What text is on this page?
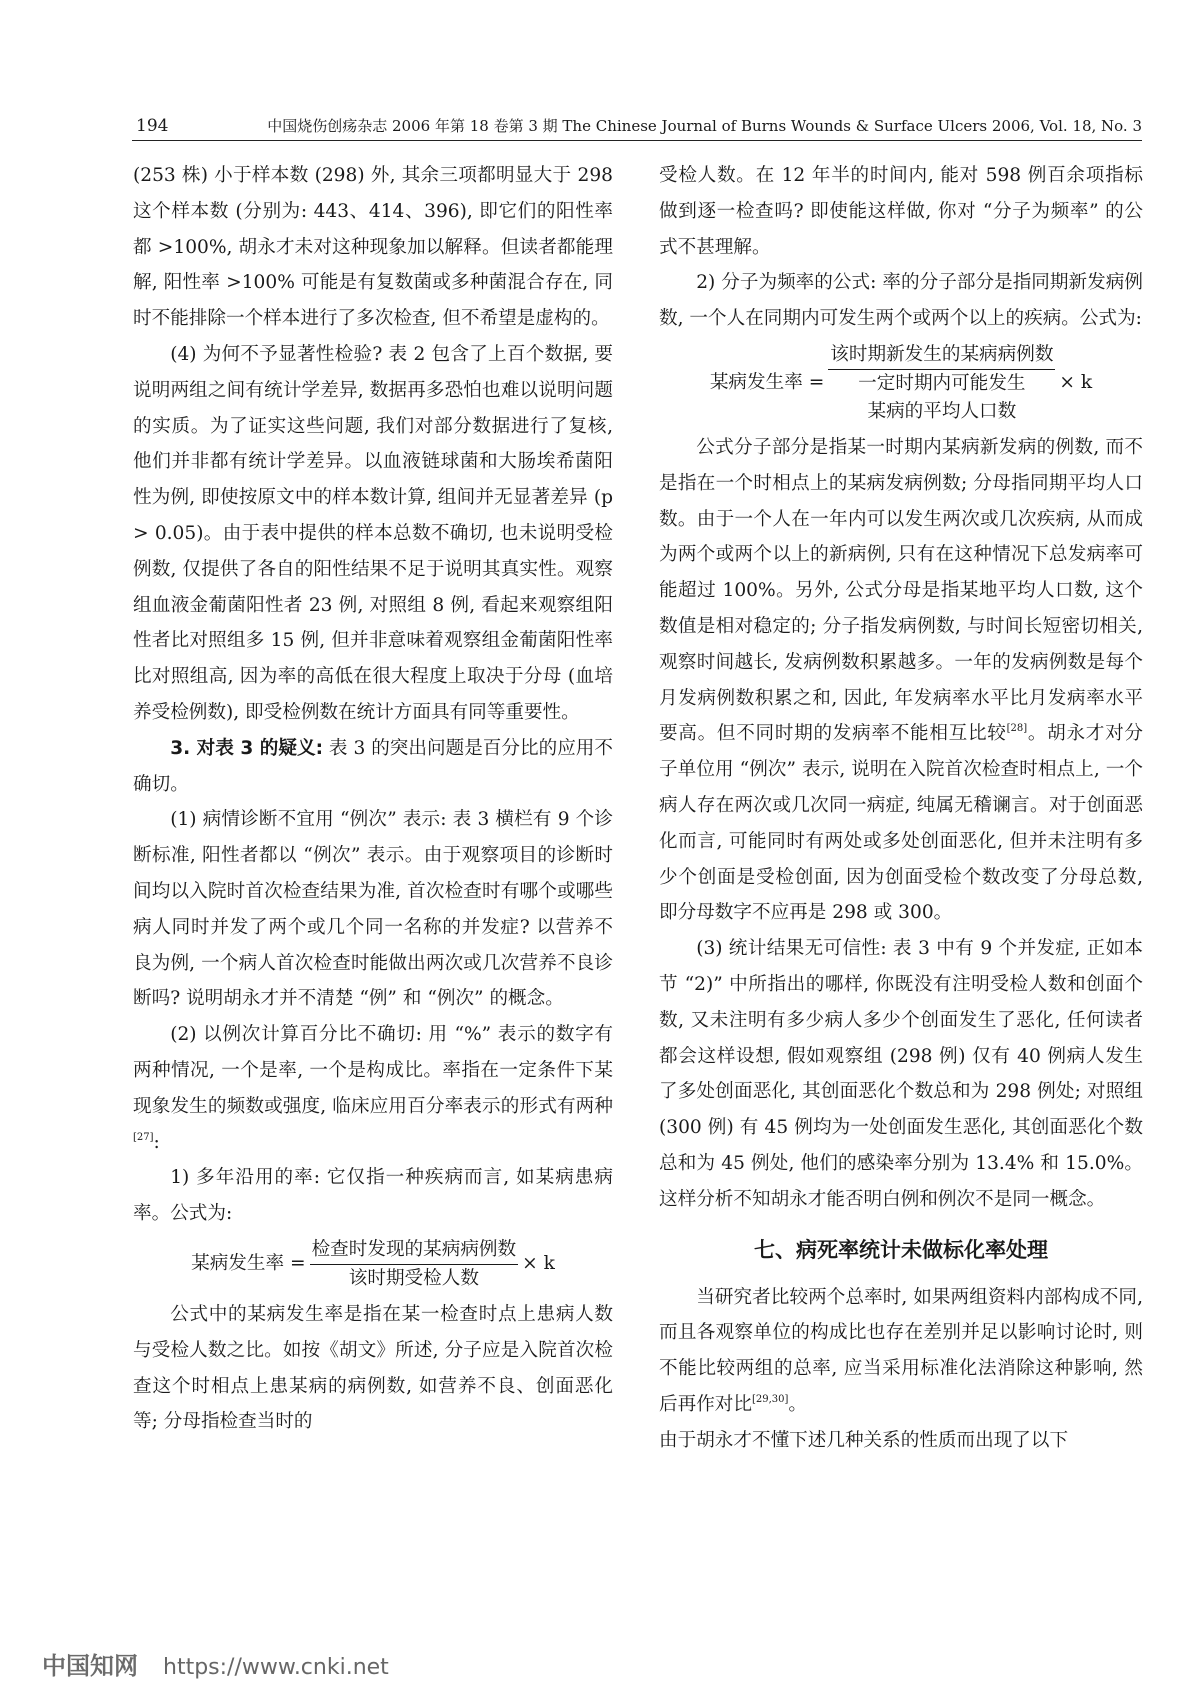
194	中国烧伤创疡杂志 2006 年第 18 卷第 3 期 The Chinese Journal of Burns Wounds & Surface Ulcers 2006, Vol. 18, No. 3

(253 株) 小于样本数 (298) 外, 其余三项都明显大于 298 这个样本数 (分别为: 443、414、396), 即它们的阳性率都 >100%, 胡永才未对这种现象加以解释。但读者都能理解, 阳性率 >100% 可能是有复数菌或多种菌混合存在, 同时不能排除一个样本进行了多次检查, 但不希望是虚构的。

(4) 为何不予显著性检验? 表 2 包含了上百个数据, 要说明两组之间有统计学差异, 数据再多恐怕也难以说明问题的实质。为了证实这些问题, 我们对部分数据进行了复核, 他们并非都有统计学差异。以血液链球菌和大肠埃希菌阳性为例, 即使按原文中的样本数计算, 组间并无显著差异 (p > 0.05)。由于表中提供的样本总数不确切, 也未说明受检例数, 仅提供了各自的阳性结果不足于说明其真实性。观察组血液金葡菌阳性者 23 例, 对照组 8 例, 看起来观察组阳性者比对照组多 15 例, 但并非意味着观察组金葡菌阳性率比对照组高, 因为率的高低在很大程度上取决于分母 (血培养受检例数), 即受检例数在统计方面具有同等重要性。

3. 对表 3 的疑义: 表 3 的突出问题是百分比的应用不确切。

(1) 病情诊断不宜用 “例次” 表示: 表 3 横栏有 9 个诊断标准, 阳性者都以 “例次” 表示。由于观察项目的诊断时间均以入院时首次检查结果为准, 首次检查时有哪个或哪些病人同时并发了两个或几个同一名称的并发症? 以营养不良为例, 一个病人首次检查时能做出两次或几次营养不良诊断吗? 说明胡永才并不清楚 “例” 和 “例次” 的概念。

(2) 以例次计算百分比不确切: 用 “%” 表示的数字有两种情况, 一个是率, 一个是构成比。率指在一定条件下某现象发生的频数或强度, 临床应用百分率表示的形式有两种[27]:

1) 多年沿用的率: 它仅指一种疾病而言, 如某病患病率。公式为:

某病发生率 = $\frac{\text{检查时发现的某病病例数}}{\text{该时期受检人数}} \times k$

公式中的某病发生率是指在某一检查时点上患病人数与受检人数之比。如按《胡文》所述, 分子应是入院首次检查这个时相点上患某病的病例数, 如营养不良、创面恶化等; 分母指检查当时的

受检人数。在 12 年半的时间内, 能对 598 例百余项指标做到逐一检查吗? 即使能这样做, 你对 “分子为频率” 的公式不甚理解。

2) 分子为频率的公式: 率的分子部分是指同期新发病例数, 一个人在同期内可发生两个或两个以上的疾病。公式为:

某病发生率 =
该时期新发生的某病病例数
一定时期内可能发生
某病的平均人口数
× k

公式分子部分是指某一时期内某病新发病的例数, 而不是指在一个时相点上的某病发病例数; 分母指同期平均人口数。由于一个人在一年内可以发生两次或几次疾病, 从而成为两个或两个以上的新病例, 只有在这种情况下总发病率可能超过 100%。另外, 公式分母是指某地平均人口数, 这个数值是相对稳定的; 分子指发病例数, 与时间长短密切相关, 观察时间越长, 发病例数积累越多。一年的发病例数是每个月发病例数积累之和, 因此, 年发病率水平比月发病率水平要高。但不同时期的发病率不能相互比较[28]。胡永才对分子单位用 “例次” 表示, 说明在入院首次检查时相点上, 一个病人存在两次或几次同一病症, 纯属无稽谰言。对于创面恶化而言, 可能同时有两处或多处创面恶化, 但并未注明有多少个创面是受检创面, 因为创面受检个数改变了分母总数, 即分母数字不应再是 298 或 300。

(3) 统计结果无可信性: 表 3 中有 9 个并发症, 正如本节 “2)” 中所指出的哪样, 你既没有注明受检人数和创面个数, 又未注明有多少病人多少个创面发生了恶化, 任何读者都会这样设想, 假如观察组 (298 例) 仅有 40 例病人发生了多处创面恶化, 其创面恶化个数总和为 298 例处; 对照组 (300 例) 有 45 例均为一处创面发生恶化, 其创面恶化个数总和为 45 例处, 他们的感染率分别为 13.4% 和 15.0%。这样分析不知胡永才能否明白例和例次不是同一概念。

七、病死率统计未做标化率处理

当研究者比较两个总率时, 如果两组资料内部构成不同, 而且各观察单位的构成比也存在差别并足以影响讨论时, 则不能比较两组的总率, 应当采用标准化法消除这种影响, 然后再作对比[29,30]。

由于胡永才不懂下述几种关系的性质而出现了以下

中国知网 https://www.cnki.net
